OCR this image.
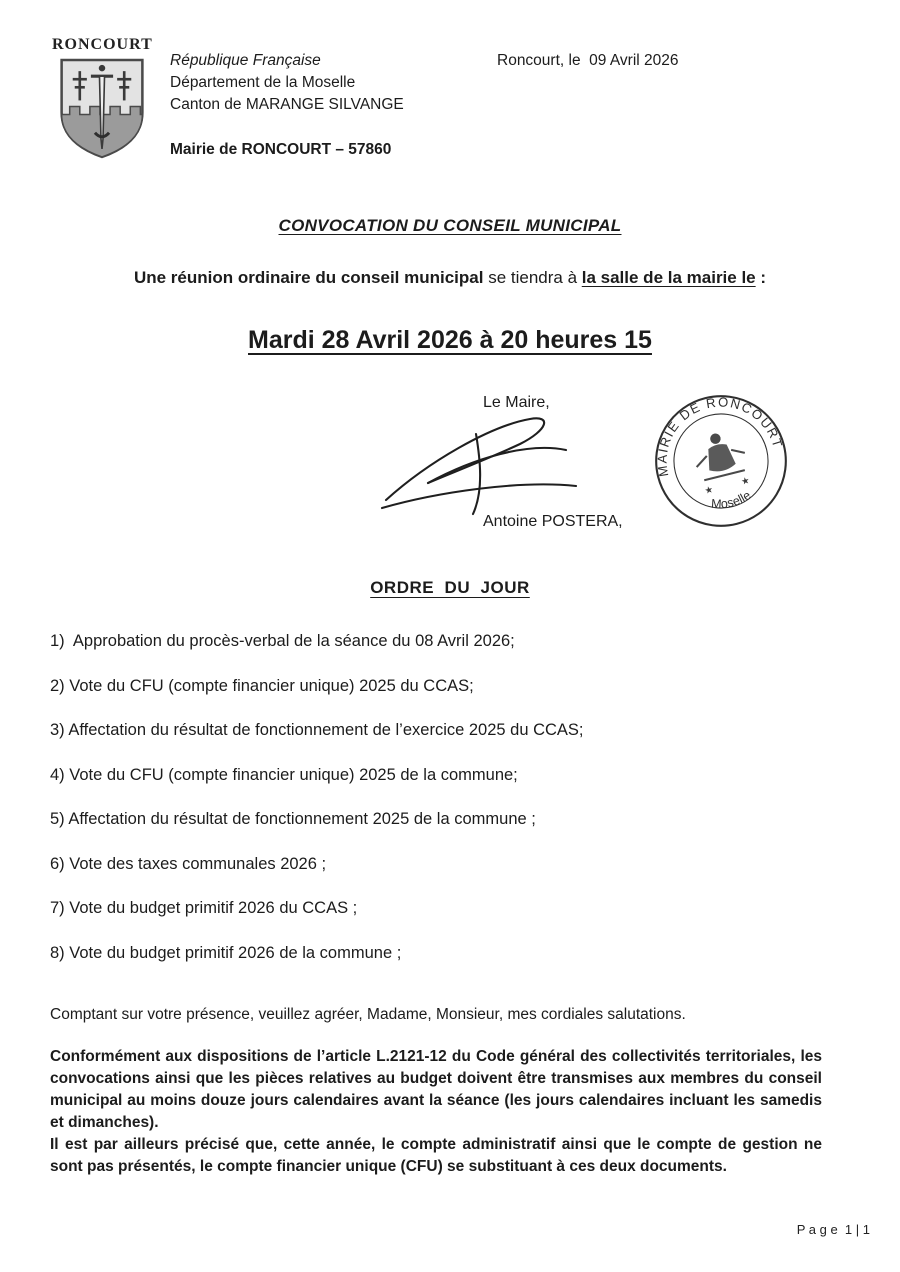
RONCOURT
République Française
Département de la Moselle
Canton de MARANGE SILVANGE
Mairie de RONCOURT – 57860
Roncourt, le  09 Avril 2026
CONVOCATION DU CONSEIL MUNICIPAL
Une réunion ordinaire du conseil municipal se tiendra à la salle de la mairie le :
Mardi 28 Avril 2026 à 20 heures 15
Le Maire,
MAIRIE DE RONCOURT
Moselle
★
★
Antoine POSTERA,
ORDRE  DU  JOUR
1)  Approbation du procès-verbal de la séance du 08 Avril 2026;
2) Vote du CFU (compte financier unique) 2025 du CCAS;
3) Affectation du résultat de fonctionnement de l’exercice 2025 du CCAS;
4) Vote du CFU (compte financier unique) 2025 de la commune;
5) Affectation du résultat de fonctionnement 2025 de la commune ;
6) Vote des taxes communales 2026 ;
7) Vote du budget primitif 2026 du CCAS ;
8) Vote du budget primitif 2026 de la commune ;
Comptant sur votre présence, veuillez agréer, Madame, Monsieur, mes cordiales salutations.

Conformément aux dispositions de l’article L.2121-12 du Code général des collectivités territoriales, les convocations ainsi que les pièces relatives au budget doivent être transmises aux membres du conseil municipal au moins douze jours calendaires avant la séance (les jours calendaires incluant les samedis et dimanches).

Il est par ailleurs précisé que, cette année, le compte administratif ainsi que le compte de gestion ne sont pas présentés, le compte financier unique (CFU) se substituant à ces deux documents.

P a g e  1 | 1
